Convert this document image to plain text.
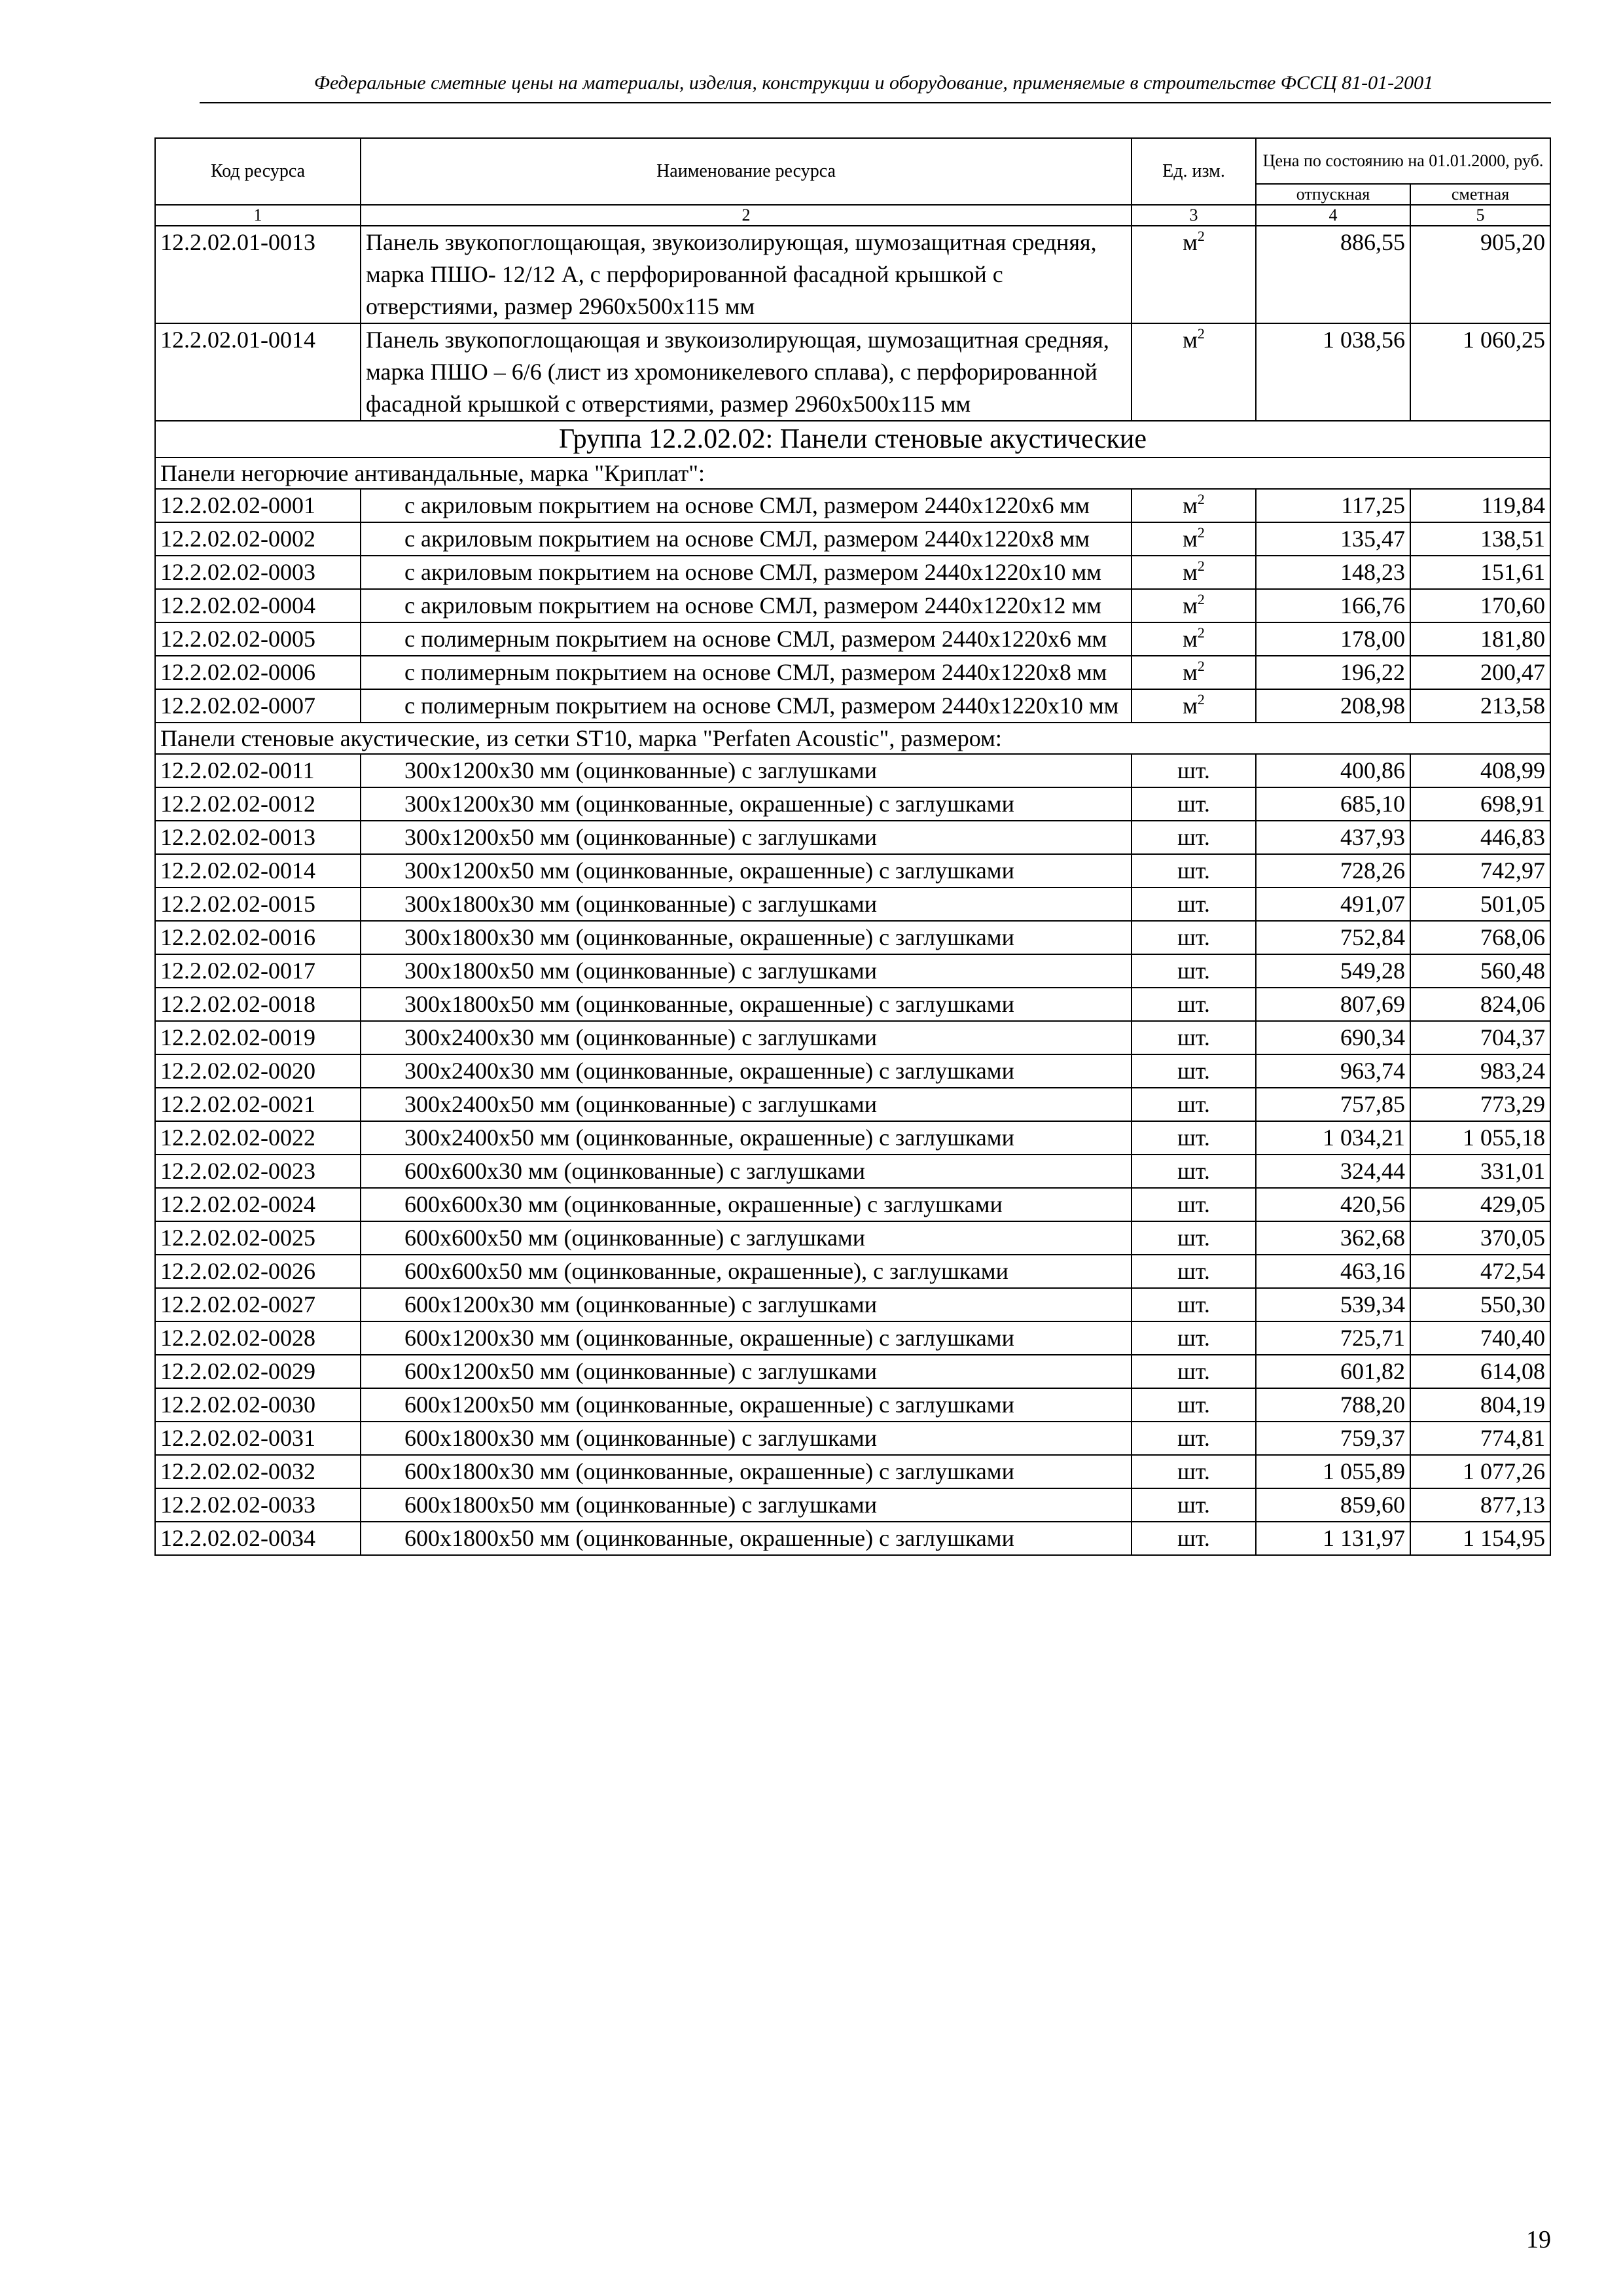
Федеральные сметные цены на материалы, изделия, конструкции и оборудование, применяемые в строительстве ФССЦ 81-01-2001
Код ресурса	Наименование ресурса	Ед. изм.	Цена по состоянию на 01.01.2000, руб.	
			отпускная	сметная
1	2	3	4	5
12.2.02.01-0013	Панель звукопоглощающая, звукоизолирующая, шумозащитная средняя, марка ПШО- 12/12 А, с перфорированной фасадной крышкой с отверстиями, размер 2960х500х115 мм	$м^2$	886,55	905,20
12.2.02.01-0014	Панель звукопоглощающая и звукоизолирующая, шумозащитная средняя, марка ПШО – 6/6 (лист из хромоникелевого сплава), с перфорированной фасадной крышкой с отверстиями, размер 2960х500х115 мм	$м^2$	1 038,56	1 060,25
Группа 12.2.02.02: Панели стеновые акустические				
Панели негорючие антивандальные, марка "Криплат":				
12.2.02.02-0001	с акриловым покрытием на основе СМЛ, размером 2440х1220х6 мм	$м^2$	117,25	119,84
12.2.02.02-0002	с акриловым покрытием на основе СМЛ, размером 2440х1220х8 мм	$м^2$	135,47	138,51
12.2.02.02-0003	с акриловым покрытием на основе СМЛ, размером 2440х1220х10 мм	$м^2$	148,23	151,61
12.2.02.02-0004	с акриловым покрытием на основе СМЛ, размером 2440х1220х12 мм	$м^2$	166,76	170,60
12.2.02.02-0005	с полимерным покрытием на основе СМЛ, размером 2440х1220х6 мм	$м^2$	178,00	181,80
12.2.02.02-0006	с полимерным покрытием на основе СМЛ, размером 2440х1220х8 мм	$м^2$	196,22	200,47
12.2.02.02-0007	с полимерным покрытием на основе СМЛ, размером 2440х1220х10 мм	$м^2$	208,98	213,58
Панели стеновые акустические, из сетки ST10, марка "Perfaten Acoustic", размером:				
12.2.02.02-0011	300х1200х30 мм (оцинкованные) с заглушками	шт.	400,86	408,99
12.2.02.02-0012	300х1200х30 мм (оцинкованные, окрашенные) с заглушками	шт.	685,10	698,91
12.2.02.02-0013	300х1200х50 мм (оцинкованные) с заглушками	шт.	437,93	446,83
12.2.02.02-0014	300х1200х50 мм (оцинкованные, окрашенные) с заглушками	шт.	728,26	742,97
12.2.02.02-0015	300х1800х30 мм (оцинкованные) с заглушками	шт.	491,07	501,05
12.2.02.02-0016	300х1800х30 мм (оцинкованные, окрашенные) с заглушками	шт.	752,84	768,06
12.2.02.02-0017	300х1800х50 мм (оцинкованные) с заглушками	шт.	549,28	560,48
12.2.02.02-0018	300х1800х50 мм (оцинкованные, окрашенные) с заглушками	шт.	807,69	824,06
12.2.02.02-0019	300х2400х30 мм (оцинкованные) с заглушками	шт.	690,34	704,37
12.2.02.02-0020	300х2400х30 мм (оцинкованные, окрашенные) с заглушками	шт.	963,74	983,24
12.2.02.02-0021	300х2400х50 мм (оцинкованные) с заглушками	шт.	757,85	773,29
12.2.02.02-0022	300х2400х50 мм (оцинкованные, окрашенные) с заглушками	шт.	1 034,21	1 055,18
12.2.02.02-0023	600х600х30 мм (оцинкованные) с заглушками	шт.	324,44	331,01
12.2.02.02-0024	600х600х30 мм (оцинкованные, окрашенные) с заглушками	шт.	420,56	429,05
12.2.02.02-0025	600х600х50 мм (оцинкованные) с заглушками	шт.	362,68	370,05
12.2.02.02-0026	600х600х50 мм (оцинкованные, окрашенные), с заглушками	шт.	463,16	472,54
12.2.02.02-0027	600х1200х30 мм (оцинкованные) с заглушками	шт.	539,34	550,30
12.2.02.02-0028	600х1200х30 мм (оцинкованные, окрашенные) с заглушками	шт.	725,71	740,40
12.2.02.02-0029	600х1200х50 мм (оцинкованные) с заглушками	шт.	601,82	614,08
12.2.02.02-0030	600х1200х50 мм (оцинкованные, окрашенные) с заглушками	шт.	788,20	804,19
12.2.02.02-0031	600х1800х30 мм (оцинкованные) с заглушками	шт.	759,37	774,81
12.2.02.02-0032	600х1800х30 мм (оцинкованные, окрашенные) с заглушками	шт.	1 055,89	1 077,26
12.2.02.02-0033	600х1800х50 мм (оцинкованные) с заглушками	шт.	859,60	877,13
12.2.02.02-0034	600х1800х50 мм (оцинкованные, окрашенные) с заглушками	шт.	1 131,97	1 154,95
19
